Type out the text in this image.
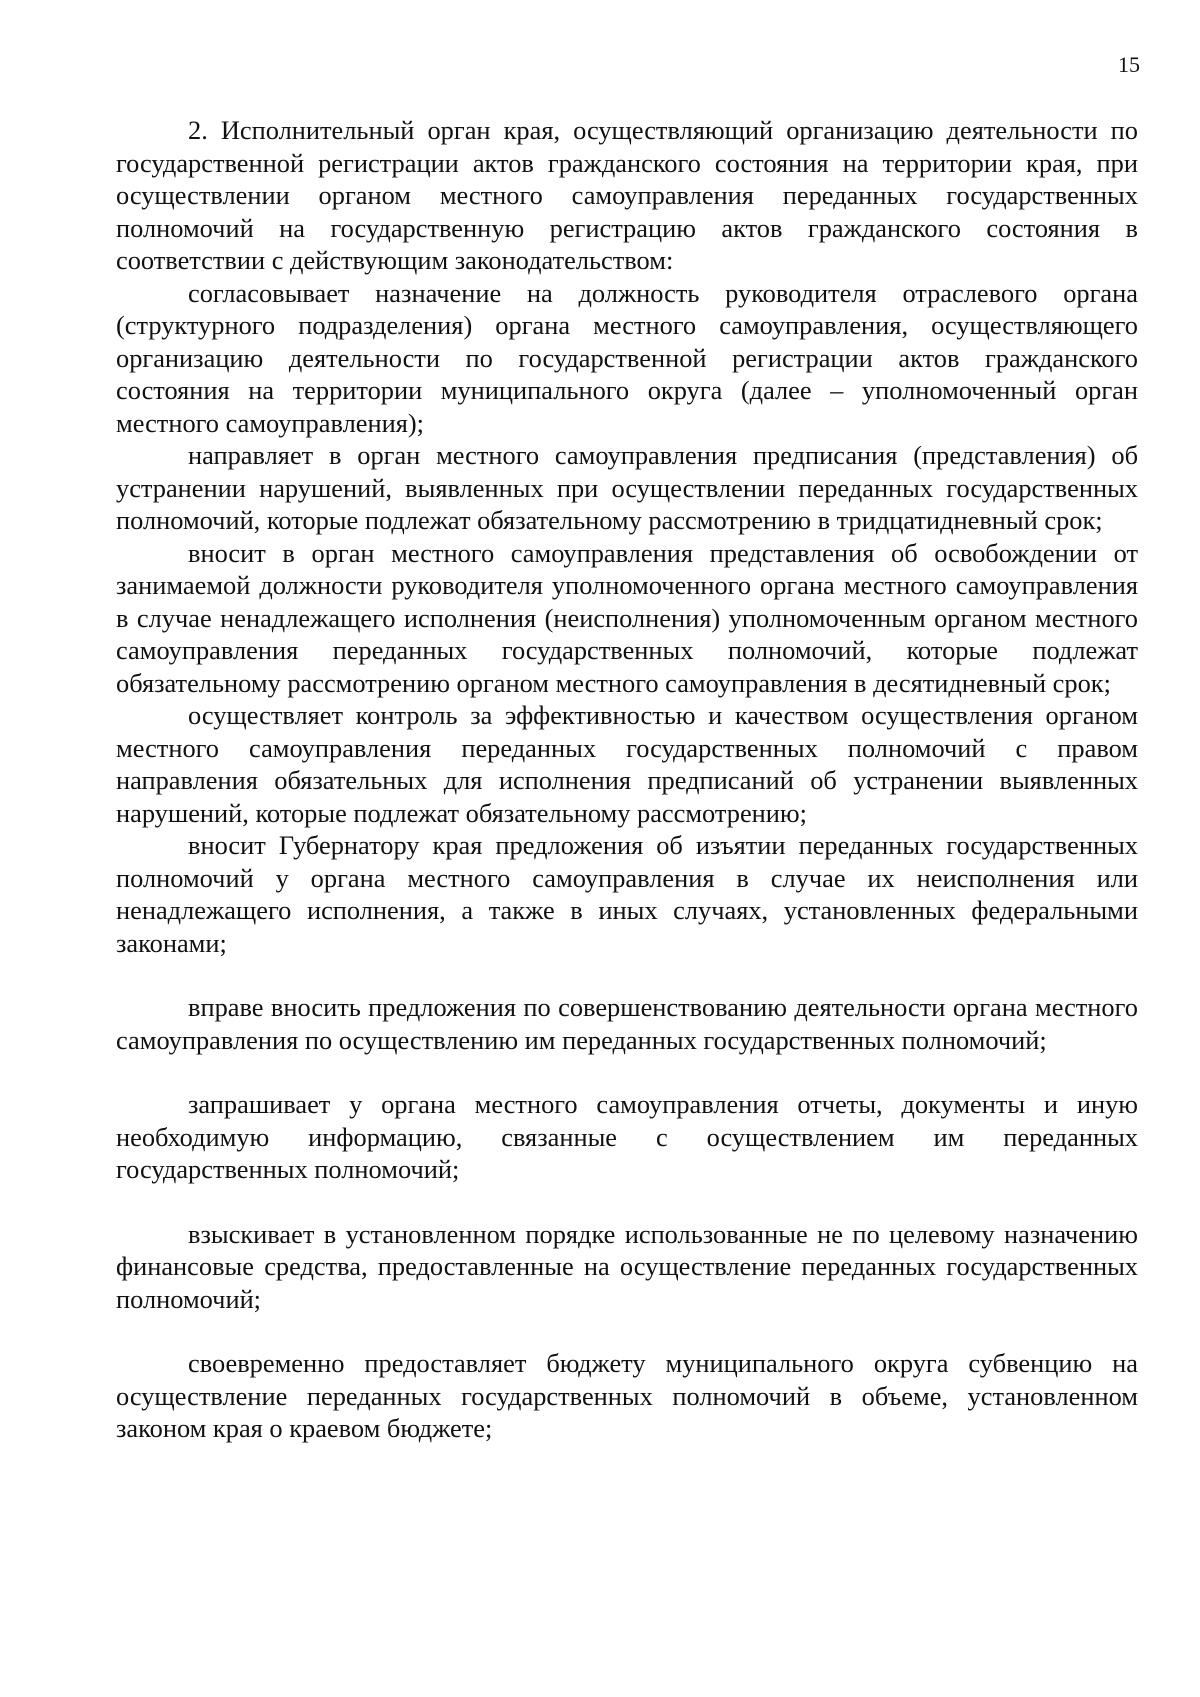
15

2. Исполнительный орган края, осуществляющий организацию деятельности по государственной регистрации актов гражданского состояния на территории края, при осуществлении органом местного самоуправления переданных государственных полномочий на государственную регистрацию актов гражданского состояния в соответствии с действующим законодательством:

согласовывает назначение на должность руководителя отраслевого органа (структурного подразделения) органа местного самоуправления, осуществляющего организацию деятельности по государственной регистрации актов гражданского состояния на территории муниципального округа (далее – уполномоченный орган местного самоуправления);

направляет в орган местного самоуправления предписания (представления) об устранении нарушений, выявленных при осуществлении переданных государственных полномочий, которые подлежат обязательному рассмотрению в тридцатидневный срок;

вносит в орган местного самоуправления представления об освобождении от занимаемой должности руководителя уполномоченного органа местного самоуправления в случае ненадлежащего исполнения (неисполнения) уполномоченным органом местного самоуправления переданных государственных полномочий, которые подлежат обязательному рассмотрению органом местного самоуправления в десятидневный срок;

осуществляет контроль за эффективностью и качеством осуществления органом местного самоуправления переданных государственных полномочий с правом направления обязательных для исполнения предписаний об устранении выявленных нарушений, которые подлежат обязательному рассмотрению;

вносит Губернатору края предложения об изъятии переданных государственных полномочий у органа местного самоуправления в случае их неисполнения или ненадлежащего исполнения, а также в иных случаях, установленных федеральными законами;

вправе вносить предложения по совершенствованию деятельности органа местного самоуправления по осуществлению им переданных государственных полномочий;

запрашивает у органа местного самоуправления отчеты, документы и иную необходимую информацию, связанные с осуществлением им переданных государственных полномочий;

взыскивает в установленном порядке использованные не по целевому назначению финансовые средства, предоставленные на осуществление переданных государственных полномочий;

своевременно предоставляет бюджету муниципального округа субвенцию на осуществление переданных государственных полномочий в объеме, установленном законом края о краевом бюджете;
